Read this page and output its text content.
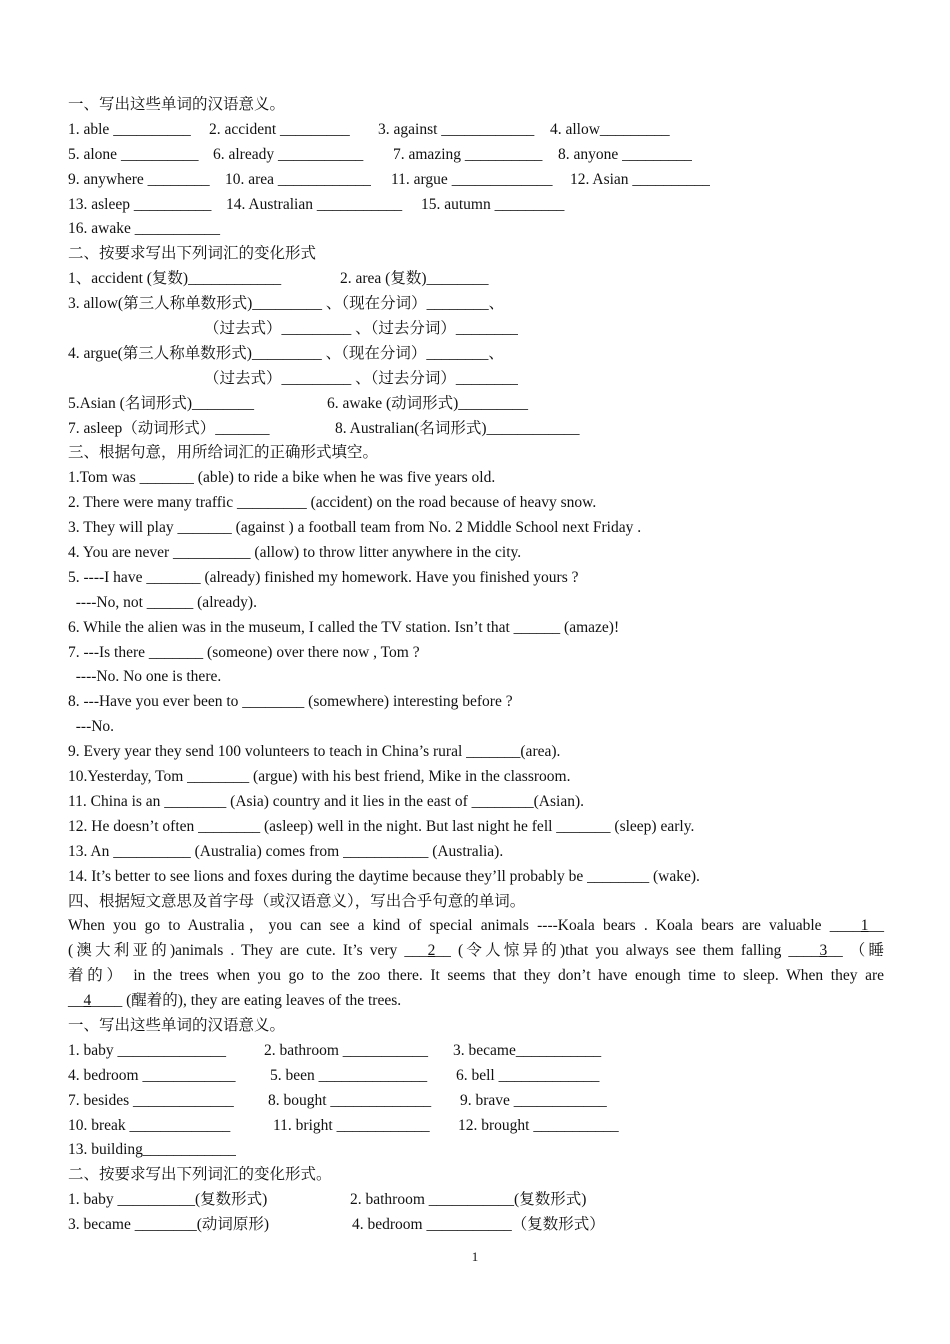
一、写出这些单词的汉语意义。

1. able __________

2. accident _________

3. against ____________

4. allow_________

5. alone __________

6. already ___________

7. amazing __________

8. anyone _________

9. anywhere ________

10. area ____________

11. argue _____________

12. Asian __________

13. asleep __________

14. Australian ___________

15. autumn _________

16. awake ___________

二、按要求写出下列词汇的变化形式

1、accident (复数)____________

	2. area (复数)________

3. allow(第三人称单数形式)_________ 、（现在分词）________、

（过去式）_________ 、（过去分词）________

4. argue(第三人称单数形式)_________ 、（现在分词）________、

（过去式）_________ 、（过去分词）________

5.Asian (名词形式)________

	6. awake (动词形式)_________

7. asleep（动词形式）_______

	8. Australian(名词形式)____________

三、根据句意，用所给词汇的正确形式填空。
1.Tom was _______ (able) to ride a bike when he was five years old.
2. There were many traffic _________ (accident) on the road because of heavy snow.
3. They will play _______ (against ) a football team from No. 2 Middle School next Friday .
4. You are never __________ (allow) to throw litter anywhere in the city.
5. ----I have _______ (already) finished my homework. Have you finished yours ?
----No, not ______ (already).
6. While the alien was in the museum, I called the TV station. Isn’t that ______ (amaze)!
7. ---Is there _______ (someone) over there now , Tom ?
----No. No one is there.
8. ---Have you ever been to ________ (somewhere) interesting before ?
---No.
9. Every year they send 100 volunteers to teach in China’s rural _______(area).
10.Yesterday, Tom ________ (argue) with his best friend, Mike in the classroom.
11. China is an ________ (Asia) country and it lies in the east of ________(Asian).
12. He doesn’t often ________ (asleep) well in the night. But last night he fell _______ (sleep) early.
13. An __________ (Australia) comes from ___________ (Australia).
14. It’s better to see lions and foxes during the daytime because they’ll probably be ________ (wake).
四、根据短文意思及首字母（或汉语意义），写出合乎句意的单词。
When you go to Australia，you can see a kind of special animals ----Koala bears . Koala bears are valuable ____1__
(澳大利亚的)animals . They are cute. It’s very ___2__ (令人惊异的)that you always see them falling ____3__ （睡
着的） in the trees when you go to the zoo there. It seems that they don’t have enough time to sleep. When they are
__4____ (醒着的), they are eating leaves of the trees.
一、写出这些单词的汉语意义。

1. baby ______________

2. bathroom ___________

3. became___________

4. bedroom ____________

5. been ______________

6. bell _____________

7. besides _____________

8. bought _____________

9. brave ____________

10. break _____________

	11. bright ____________

12. brought ___________

13. building____________

二、按要求写出下列词汇的变化形式。

1. baby __________(复数形式)

	2. bathroom ___________(复数形式)

3. became ________(动词原形)

	4. bedroom ___________（复数形式）

1
